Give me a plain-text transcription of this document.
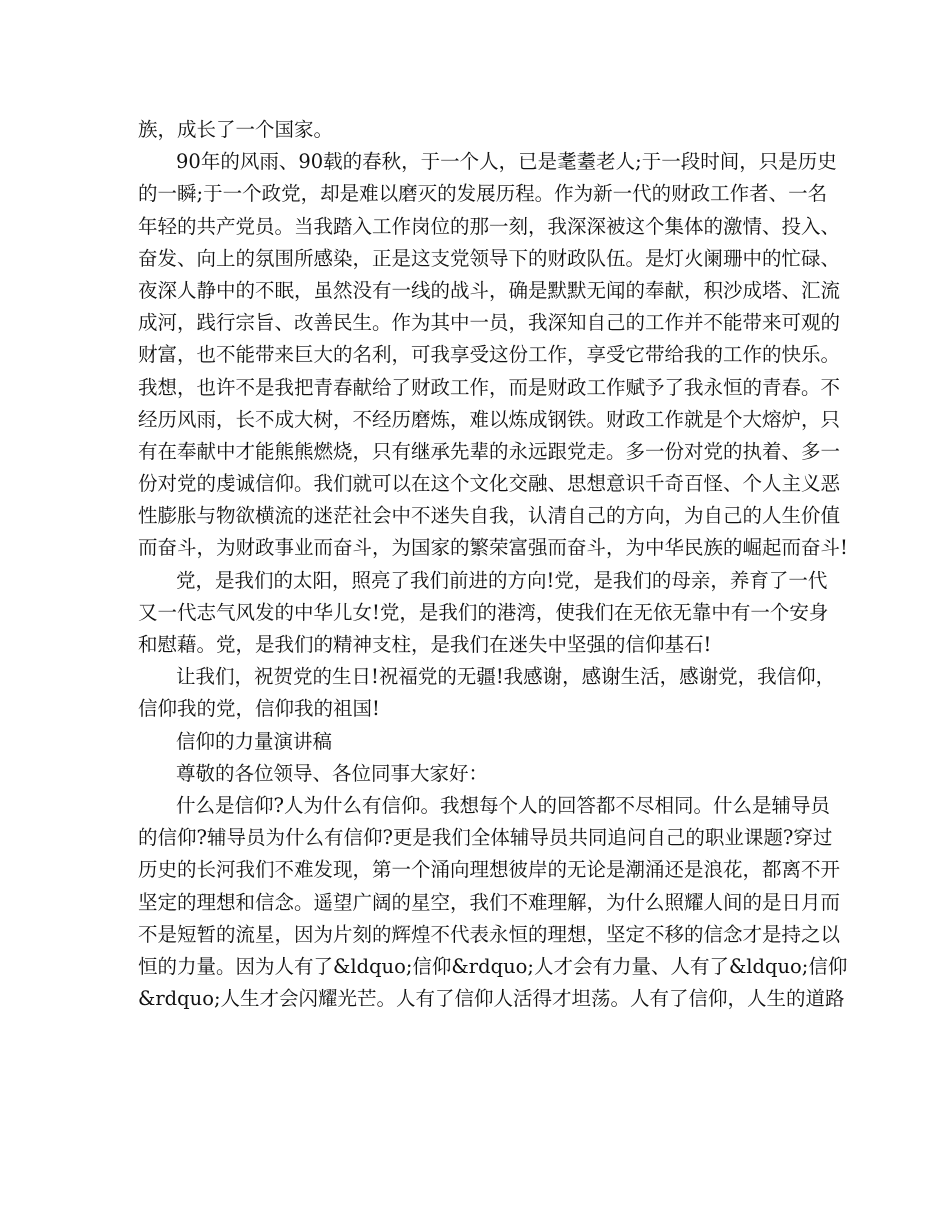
族，成长了一个国家。
90年的风雨、90载的春秋，于一个人，已是耄耋老人;于一段时间，只是历史
的一瞬;于一个政党，却是难以磨灭的发展历程。作为新一代的财政工作者、一名
年轻的共产党员。当我踏入工作岗位的那一刻，我深深被这个集体的激情、投入、
奋发、向上的氛围所感染，正是这支党领导下的财政队伍。是灯火阑珊中的忙碌、
夜深人静中的不眠，虽然没有一线的战斗，确是默默无闻的奉献，积沙成塔、汇流
成河，践行宗旨、改善民生。作为其中一员，我深知自己的工作并不能带来可观的
财富，也不能带来巨大的名利，可我享受这份工作，享受它带给我的工作的快乐。
我想，也许不是我把青春献给了财政工作，而是财政工作赋予了我永恒的青春。不
经历风雨，长不成大树，不经历磨炼，难以炼成钢铁。财政工作就是个大熔炉，只
有在奉献中才能熊熊燃烧，只有继承先辈的永远跟党走。多一份对党的执着、多一
份对党的虔诚信仰。我们就可以在这个文化交融、思想意识千奇百怪、个人主义恶
性膨胀与物欲横流的迷茫社会中不迷失自我，认清自己的方向，为自己的人生价值
而奋斗，为财政事业而奋斗，为国家的繁荣富强而奋斗，为中华民族的崛起而奋斗!
党，是我们的太阳，照亮了我们前进的方向!党，是我们的母亲，养育了一代
又一代志气风发的中华儿女!党，是我们的港湾，使我们在无依无靠中有一个安身
和慰藉。党，是我们的精神支柱，是我们在迷失中坚强的信仰基石!
让我们，祝贺党的生日!祝福党的无疆!我感谢，感谢生活，感谢党，我信仰，
信仰我的党，信仰我的祖国!
信仰的力量演讲稿
尊敬的各位领导、各位同事大家好：
什么是信仰?人为什么有信仰。我想每个人的回答都不尽相同。什么是辅导员
的信仰?辅导员为什么有信仰?更是我们全体辅导员共同追问自己的职业课题?穿过
历史的长河我们不难发现，第一个涌向理想彼岸的无论是潮涌还是浪花，都离不开
坚定的理想和信念。遥望广阔的星空，我们不难理解，为什么照耀人间的是日月而
不是短暂的流星，因为片刻的辉煌不代表永恒的理想，坚定不移的信念才是持之以
恒的力量。因为人有了&ldquo;信仰&rdquo;人才会有力量、人有了&ldquo;信仰
&rdquo;人生才会闪耀光芒。人有了信仰人活得才坦荡。人有了信仰，人生的道路
